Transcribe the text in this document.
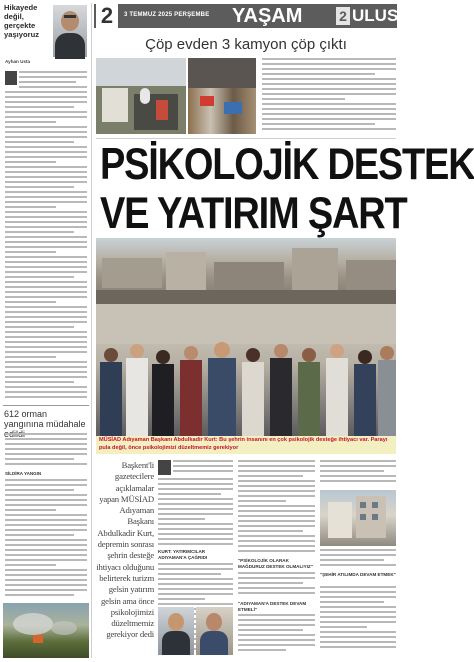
Hikayede değil, gerçekte yaşıyoruz
Ayhan Usta
612 orman yangınına müdahale
SİLDİRA YANGIN
2	3 TEMMUZ 2025 PERŞEMBE YAŞAM	2 ULUS
Çöp evden 3 kamyon çöp çıktı
PSİKOLOJİK DESTEK
VE YATIRIM ŞART
MÜSİAD Adıyaman Başkanı Abdulkadir Kurt: Bu şehrin insanını en çok psikolojik desteğe ihtiyacı var. Parayı pula değil, önce psikolojimizi düzeltmemiz gerekiyor
Başkent'li gazetecilere açıklamalar yapan MÜSİAD Adıyaman Başkanı Abdulkadir Kurt, depremin sonrası şehrin desteğe ihtiyacı olduğunu belirterek turizm gelsin yatırım gelsin ama önce psikolojimizi düzeltmemiz gerekiyor dedi
KURT: YATIRIMCILAR ADIYAMAN'A ÇAĞRIDI
"PSİKOLOJİK OLARAK MAĞDURUZ DESTEK OLMALIYIZ"
"ADIYAMAN'A DESTEK DEVAM ETMELİ"
"ŞEHİR ATILIMDA DEVAM ETMEK"
